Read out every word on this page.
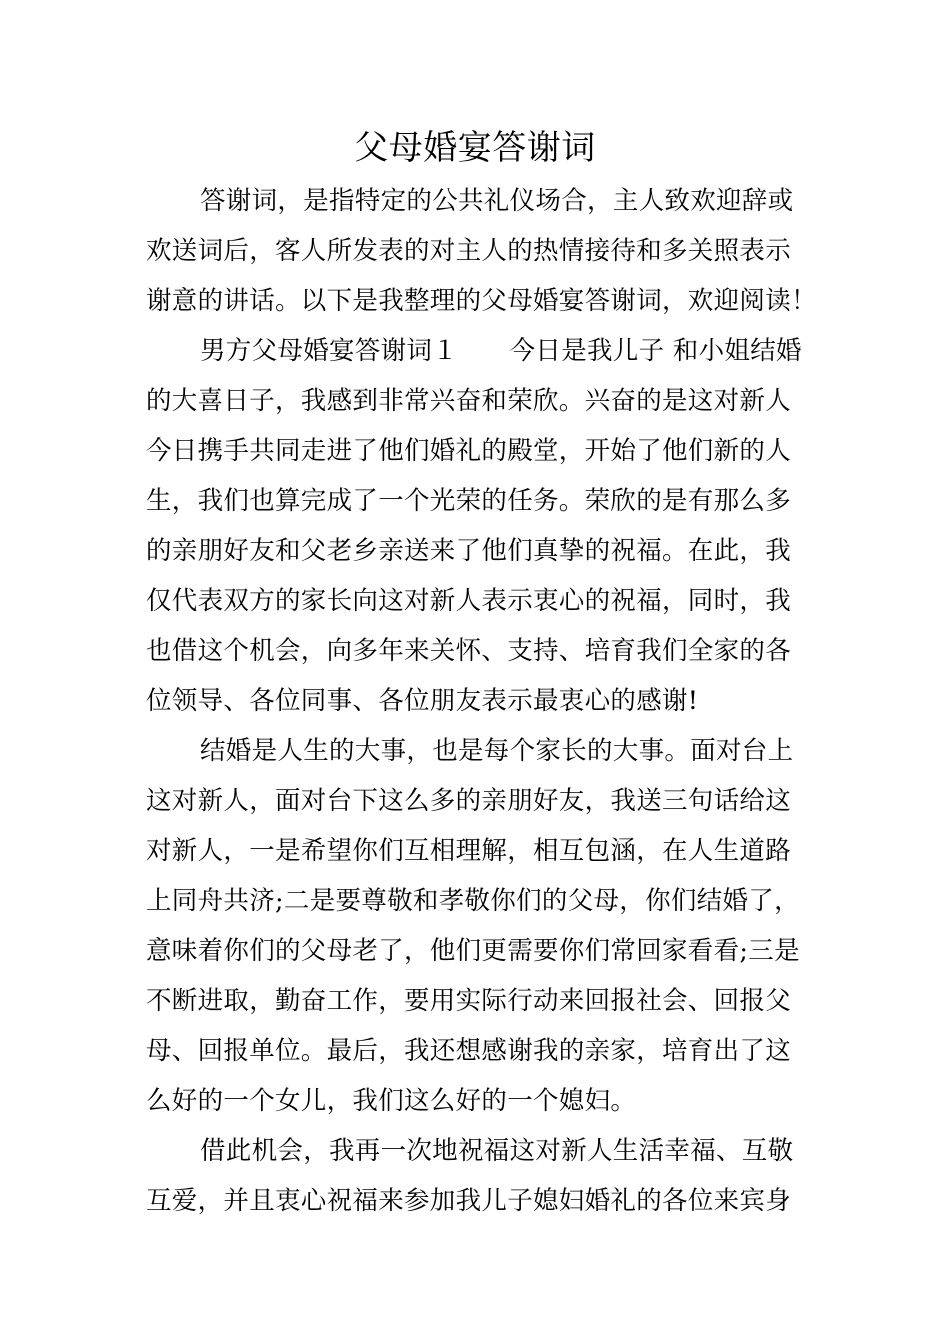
父母婚宴答谢词
答谢词，是指特定的公共礼仪场合，主人致欢迎辞或
欢送词后，客人所发表的对主人的热情接待和多关照表示
谢意的讲话。以下是我整理的父母婚宴答谢词，欢迎阅读！
男方父母婚宴答谢词１　　今日是我儿子 和小姐结婚
的大喜日子，我感到非常兴奋和荣欣。兴奋的是这对新人
今日携手共同走进了他们婚礼的殿堂，开始了他们新的人
生，我们也算完成了一个光荣的任务。荣欣的是有那么多
的亲朋好友和父老乡亲送来了他们真挚的祝福。在此，我
仅代表双方的家长向这对新人表示衷心的祝福，同时，我
也借这个机会，向多年来关怀、支持、培育我们全家的各
位领导、各位同事、各位朋友表示最衷心的感谢!
结婚是人生的大事，也是每个家长的大事。面对台上
这对新人，面对台下这么多的亲朋好友，我送三句话给这
对新人，一是希望你们互相理解，相互包涵，在人生道路
上同舟共济;二是要尊敬和孝敬你们的父母，你们结婚了，
意味着你们的父母老了，他们更需要你们常回家看看;三是
不断进取，勤奋工作，要用实际行动来回报社会、回报父
母、回报单位。最后，我还想感谢我的亲家，培育出了这
么好的一个女儿，我们这么好的一个媳妇。
借此机会，我再一次地祝福这对新人生活幸福、互敬
互爱，并且衷心祝福来参加我儿子媳妇婚礼的各位来宾身
